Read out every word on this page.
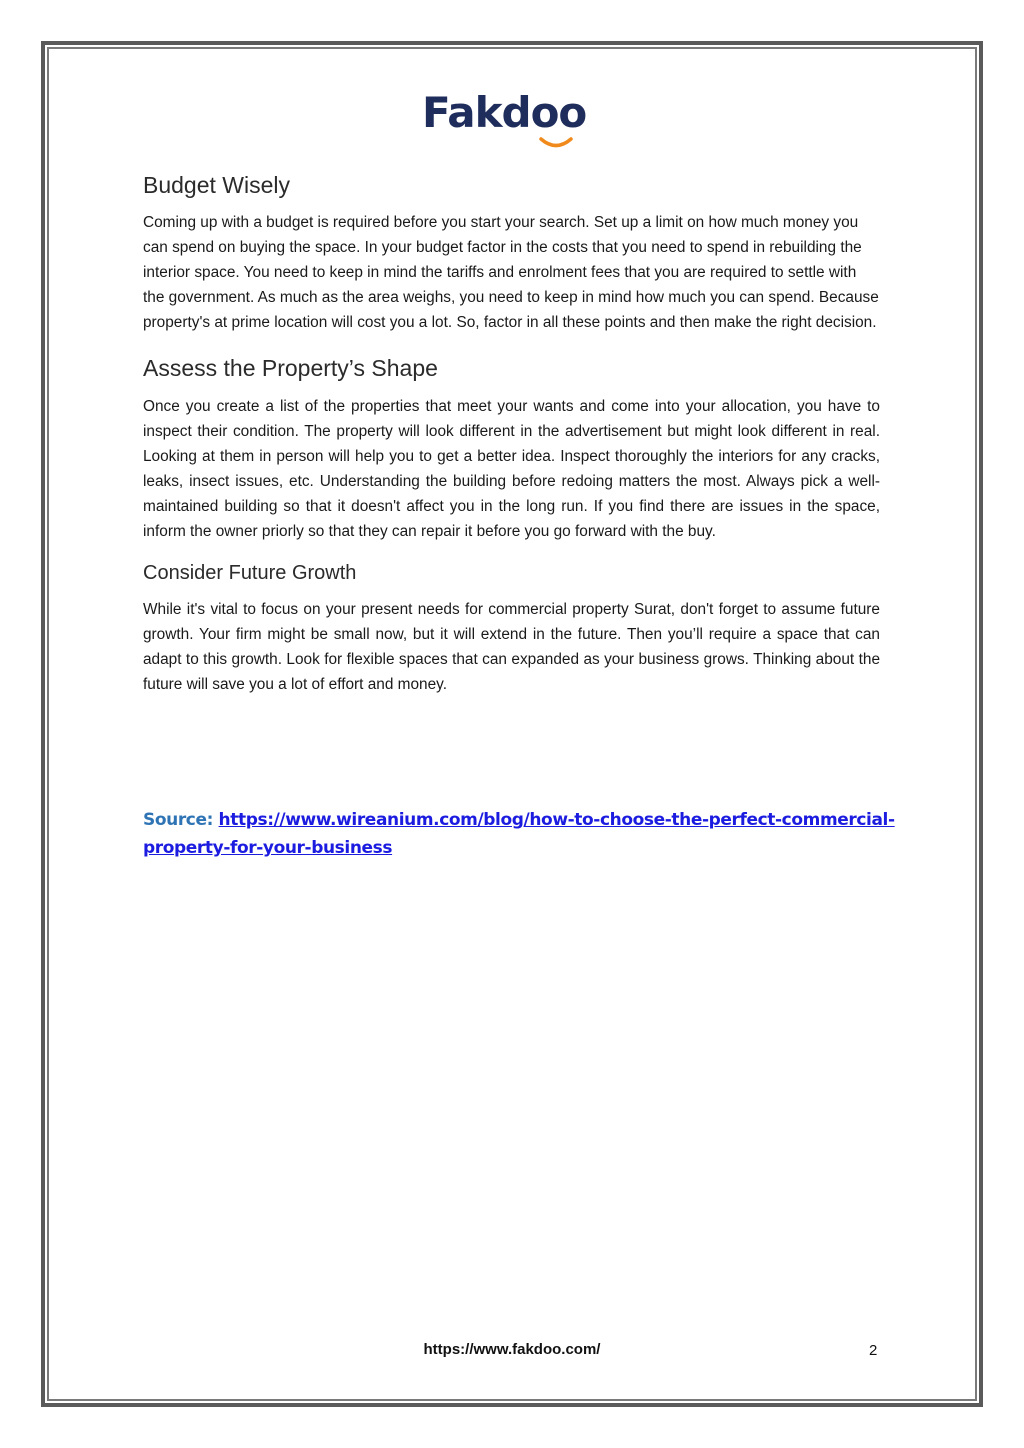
Fakdoo
Budget Wisely

Coming up with a budget is required before you start your search. Set up a limit on how much money you can spend on buying the space. In your budget factor in the costs that you need to spend in rebuilding the interior space. You need to keep in mind the tariffs and enrolment fees that you are required to settle with the government. As much as the area weighs, you need to keep in mind how much you can spend. Because property's at prime location will cost you a lot. So, factor in all these points and then make the right decision.

Assess the Property’s Shape

Once you create a list of the properties that meet your wants and come into your allocation, you have to inspect their condition. The property will look different in the advertisement but might look different in real. Looking at them in person will help you to get a better idea. Inspect thoroughly the interiors for any cracks, leaks, insect issues, etc. Understanding the building before redoing matters the most. Always pick a well-maintained building so that it doesn't affect you in the long run. If you find there are issues in the space, inform the owner priorly so that they can repair it before you go forward with the buy.

Consider Future Growth

While it's vital to focus on your present needs for commercial property Surat, don't forget to assume future growth. Your firm might be small now, but it will extend in the future. Then you’ll require a space that can adapt to this growth. Look for flexible spaces that can expanded as your business grows. Thinking about the future will save you a lot of effort and money.

Source: https://www.wireanium.com/blog/how-to-choose-the-perfect-commercial-
property-for-your-business
https://www.fakdoo.com/	2
